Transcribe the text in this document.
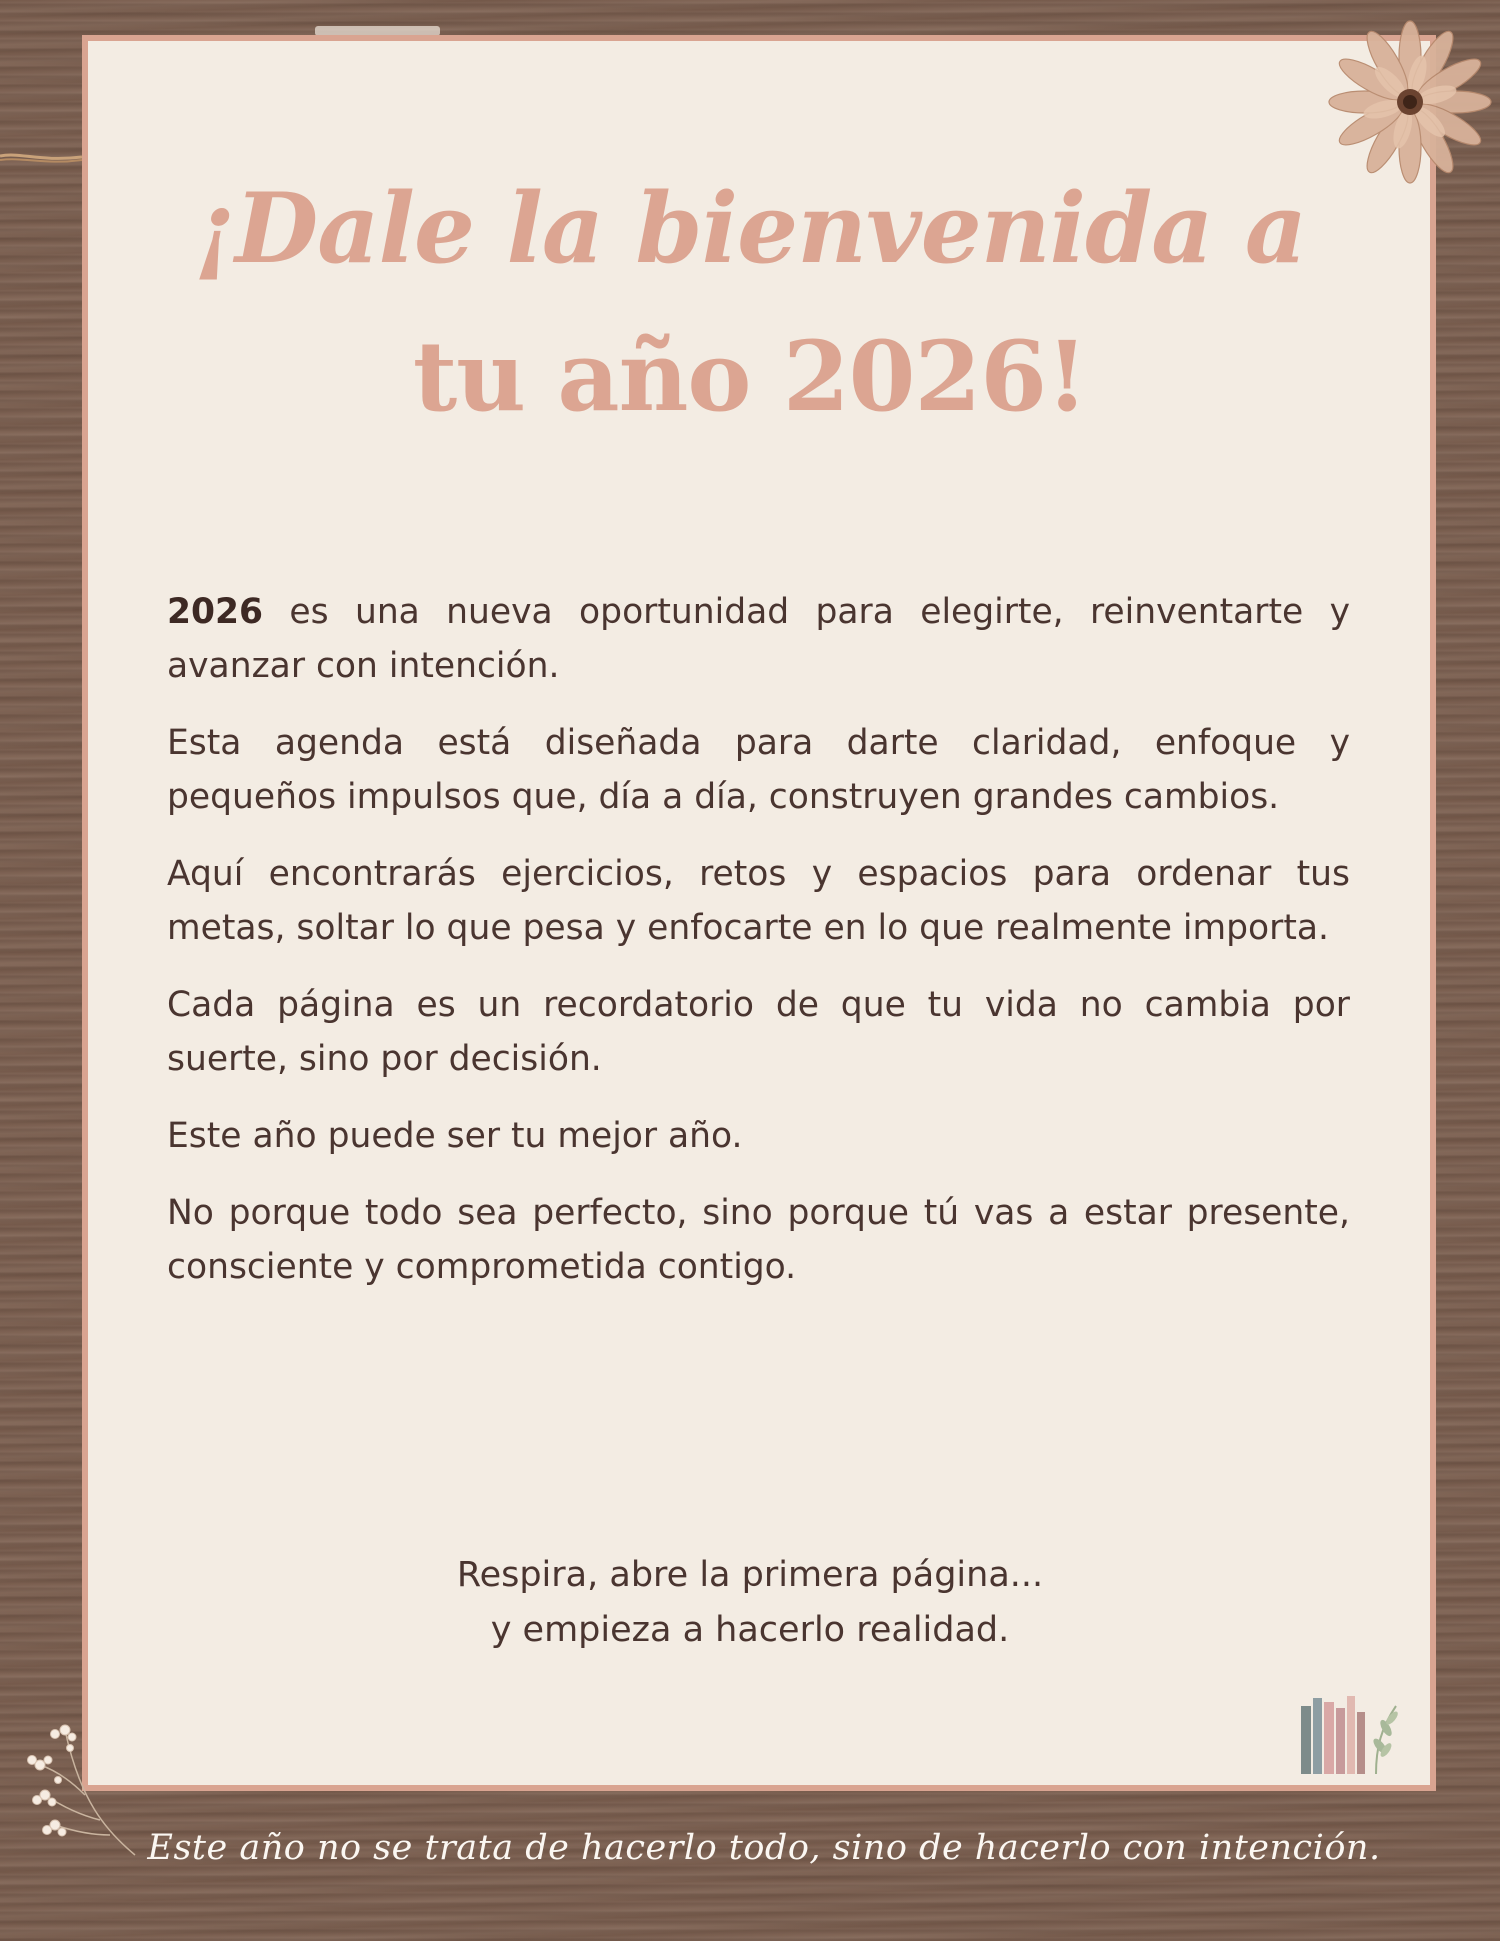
¡Dale la bienvenida a
tu año 2026!

2026 es una nueva oportunidad para elegirte, reinventarte y avanzar con intención.

Esta agenda está diseñada para darte claridad, enfoque y pequeños impulsos que, día a día, construyen grandes cambios.

Aquí encontrarás ejercicios, retos y espacios para ordenar tus metas, soltar lo que pesa y enfocarte en lo que realmente importa.

Cada página es un recordatorio de que tu vida no cambia por suerte, sino por decisión.

Este año puede ser tu mejor año.

No porque todo sea perfecto, sino porque tú vas a estar presente, consciente y comprometida contigo.

Respira, abre la primera página...
y empieza a hacerlo realidad.
Este año no se trata de hacerlo todo, sino de hacerlo con intención.
